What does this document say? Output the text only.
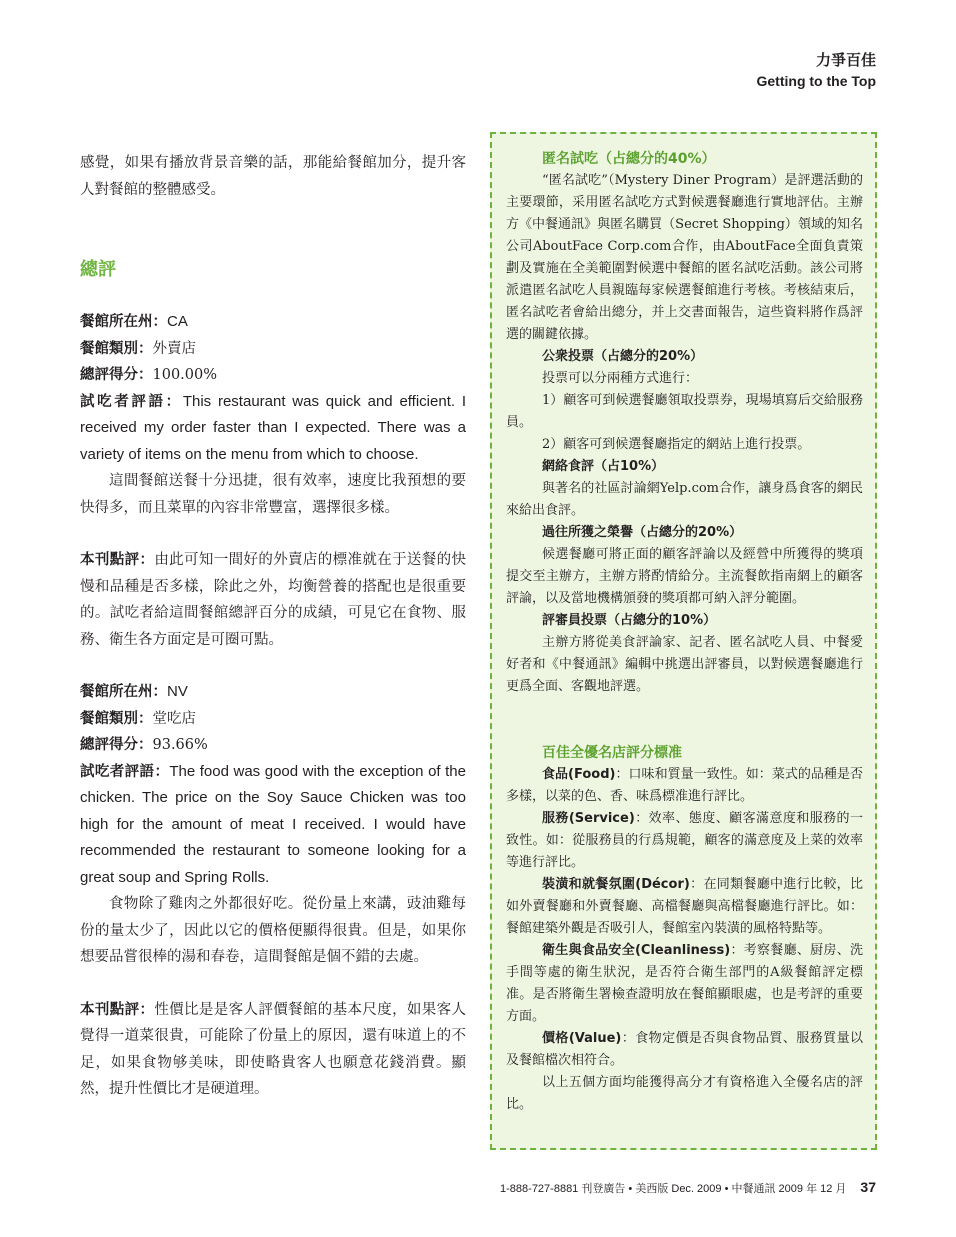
力爭百佳
Getting to the Top

感覺，如果有播放背景音樂的話，那能給餐館加分，提升客人對餐館的整體感受。

總評
餐館所在州：CA
餐館類別：外賣店
總評得分：100.00%

試吃者評語：This restaurant was quick and efficient. I received my order faster than I expected. There was a variety of items on the menu from which to choose.

這間餐館送餐十分迅捷，很有效率，速度比我預想的要快得多，而且菜單的內容非常豐富，選擇很多樣。

本刊點評：由此可知一間好的外賣店的標准就在于送餐的快慢和品種是否多樣，除此之外，均衡營養的搭配也是很重要的。試吃者給這間餐館總評百分的成績，可見它在食物、服務、衛生各方面定是可圈可點。

餐館所在州：NV
餐館類別：堂吃店
總評得分：93.66%

試吃者評語：The food was good with the exception of the chicken. The price on the Soy Sauce Chicken was too high for the amount of meat I received. I would have recommended the restaurant to someone looking for a great soup and Spring Rolls.

食物除了雞肉之外都很好吃。從份量上來講，豉油雞每份的量太少了，因此以它的價格便顯得很貴。但是，如果你想要品嘗很棒的湯和春卷，這間餐館是個不錯的去處。

本刊點評：性價比是是客人評價餐館的基本尺度，如果客人覺得一道菜很貴，可能除了份量上的原因，還有味道上的不足，如果食物够美味，即使略貴客人也願意花錢消費。顯然，提升性價比才是硬道理。

匿名試吃（占總分的40%）

“匿名試吃”（Mystery Diner Program）是評選活動的主要環節，采用匿名試吃方式對候選餐廳進行實地評估。主辦方《中餐通訊》與匿名購買（Secret Shopping）領域的知名公司AboutFace Corp.com合作，由AboutFace全面負責策劃及實施在全美範圍對候選中餐館的匿名試吃活動。該公司將派遣匿名試吃人員親臨每家候選餐館進行考核。考核結束后，匿名試吃者會給出總分，并上交書面報告，這些資料將作爲評選的關鍵依據。

公衆投票（占總分的20%）

投票可以分兩種方式進行：

1）顧客可到候選餐廳領取投票券，現場填寫后交給服務員。

2）顧客可到候選餐廳指定的網站上進行投票。

網絡食評（占10%）

與著名的社區討論網Yelp.com合作，讓身爲食客的網民來給出食評。

過往所獲之榮譽（占總分的20%）

候選餐廳可將正面的顧客評論以及經營中所獲得的獎項提交至主辦方，主辦方將酌情給分。主流餐飲指南網上的顧客評論，以及當地機構頒發的獎項都可納入評分範圍。

評審員投票（占總分的10%）

主辦方將從美食評論家、記者、匿名試吃人員、中餐愛好者和《中餐通訊》編輯中挑選出評審員，以對候選餐廳進行更爲全面、客觀地評選。

百佳全優名店評分標准

食品(Food)：口味和質量一致性。如：菜式的品種是否多樣，以菜的色、香、味爲標准進行評比。

服務(Service)：效率、態度、顧客滿意度和服務的一致性。如：從服務員的行爲規範，顧客的滿意度及上菜的效率等進行評比。

裝潢和就餐氛圍(Décor)：在同類餐廳中進行比較，比如外賣餐廳和外賣餐廳、高檔餐廳與高檔餐廳進行評比。如：餐館建築外觀是否吸引人，餐館室內裝潢的風格特點等。

衛生與食品安全(Cleanliness)：考察餐廳、厨房、洗手間等處的衛生狀況，是否符合衛生部門的A級餐館評定標准。是否將衛生署檢查證明放在餐館顯眼處，也是考評的重要方面。

價格(Value)：食物定價是否與食物品質、服務質量以及餐館檔次相符合。

以上五個方面均能獲得高分才有資格進入全優名店的評比。

1-888-727-8881 刊登廣告 • 美西版 Dec. 2009 • 中餐通訊 2009 年 12 月 37
